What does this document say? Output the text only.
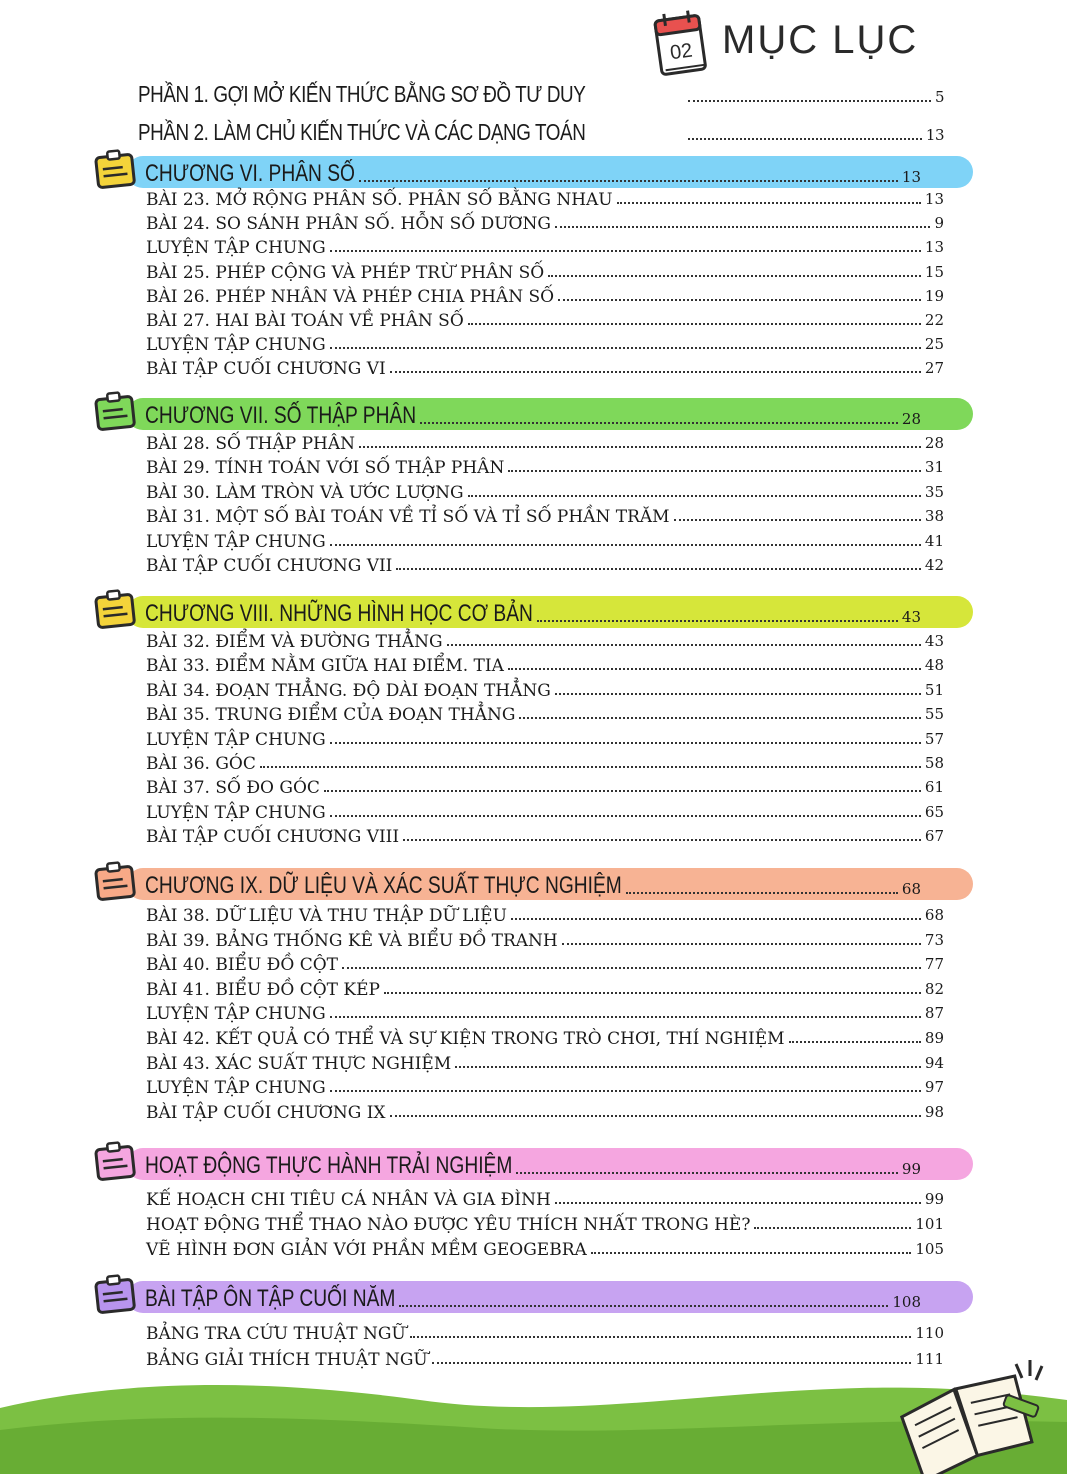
02 MỤC LỤC
PHẦN 1. GỢI MỞ KIẾN THỨC BẰNG SƠ ĐỒ TƯ DUY	5
PHẦN 2. LÀM CHỦ KIẾN THỨC VÀ CÁC DẠNG TOÁN	13
CHƯƠNG VI. PHÂN SỐ	13
BÀI 23. MỞ RỘNG PHÂN SỐ. PHÂN SỐ BẰNG NHAU	13
BÀI 24. SO SÁNH PHÂN SỐ. HỖN SỐ DƯƠNG	9
LUYỆN TẬP CHUNG	13
BÀI 25. PHÉP CỘNG VÀ PHÉP TRỪ PHÂN SỐ	15
BÀI 26. PHÉP NHÂN VÀ PHÉP CHIA PHÂN SỐ	19
BÀI 27. HAI BÀI TOÁN VỀ PHÂN SỐ	22
LUYỆN TẬP CHUNG	25
BÀI TẬP CUỐI CHƯƠNG VI	27
CHƯƠNG VII. SỐ THẬP PHÂN	28
BÀI 28. SỐ THẬP PHÂN	28
BÀI 29. TÍNH TOÁN VỚI SỐ THẬP PHÂN	31
BÀI 30. LÀM TRÒN VÀ ƯỚC LƯỢNG	35
BÀI 31. MỘT SỐ BÀI TOÁN VỀ TỈ SỐ VÀ TỈ SỐ PHẦN TRĂM	38
LUYỆN TẬP CHUNG	41
BÀI TẬP CUỐI CHƯƠNG VII	42
CHƯƠNG VIII. NHỮNG HÌNH HỌC CƠ BẢN	43
BÀI 32. ĐIỂM VÀ ĐƯỜNG THẲNG	43
BÀI 33. ĐIỂM NẰM GIỮA HAI ĐIỂM. TIA	48
BÀI 34. ĐOẠN THẲNG. ĐỘ DÀI ĐOẠN THẲNG	51
BÀI 35. TRUNG ĐIỂM CỦA ĐOẠN THẲNG	55
LUYỆN TẬP CHUNG	57
BÀI 36. GÓC	58
BÀI 37. SỐ ĐO GÓC	61
LUYỆN TẬP CHUNG	65
BÀI TẬP CUỐI CHƯƠNG VIII	67
CHƯƠNG IX. DỮ LIỆU VÀ XÁC SUẤT THỰC NGHIỆM	68
BÀI 38. DỮ LIỆU VÀ THU THẬP DỮ LIỆU	68
BÀI 39. BẢNG THỐNG KÊ VÀ BIỂU ĐỒ TRANH	73
BÀI 40. BIỂU ĐỒ CỘT	77
BÀI 41. BIỂU ĐỒ CỘT KÉP	82
LUYỆN TẬP CHUNG	87
BÀI 42. KẾT QUẢ CÓ THỂ VÀ SỰ KIỆN TRONG TRÒ CHƠI, THÍ NGHIỆM	89
BÀI 43. XÁC SUẤT THỰC NGHIỆM	94
LUYỆN TẬP CHUNG	97
BÀI TẬP CUỐI CHƯƠNG IX	98
HOẠT ĐỘNG THỰC HÀNH TRẢI NGHIỆM	99
KẾ HOẠCH CHI TIÊU CÁ NHÂN VÀ GIA ĐÌNH	99
HOẠT ĐỘNG THỂ THAO NÀO ĐƯỢC YÊU THÍCH NHẤT TRONG HÈ?	101
VẼ HÌNH ĐƠN GIẢN VỚI PHẦN MỀM GEOGEBRA	105
BÀI TẬP ÔN TẬP CUỐI NĂM	108
BẢNG TRA CỨU THUẬT NGỮ	110
BẢNG GIẢI THÍCH THUẬT NGỮ	111
